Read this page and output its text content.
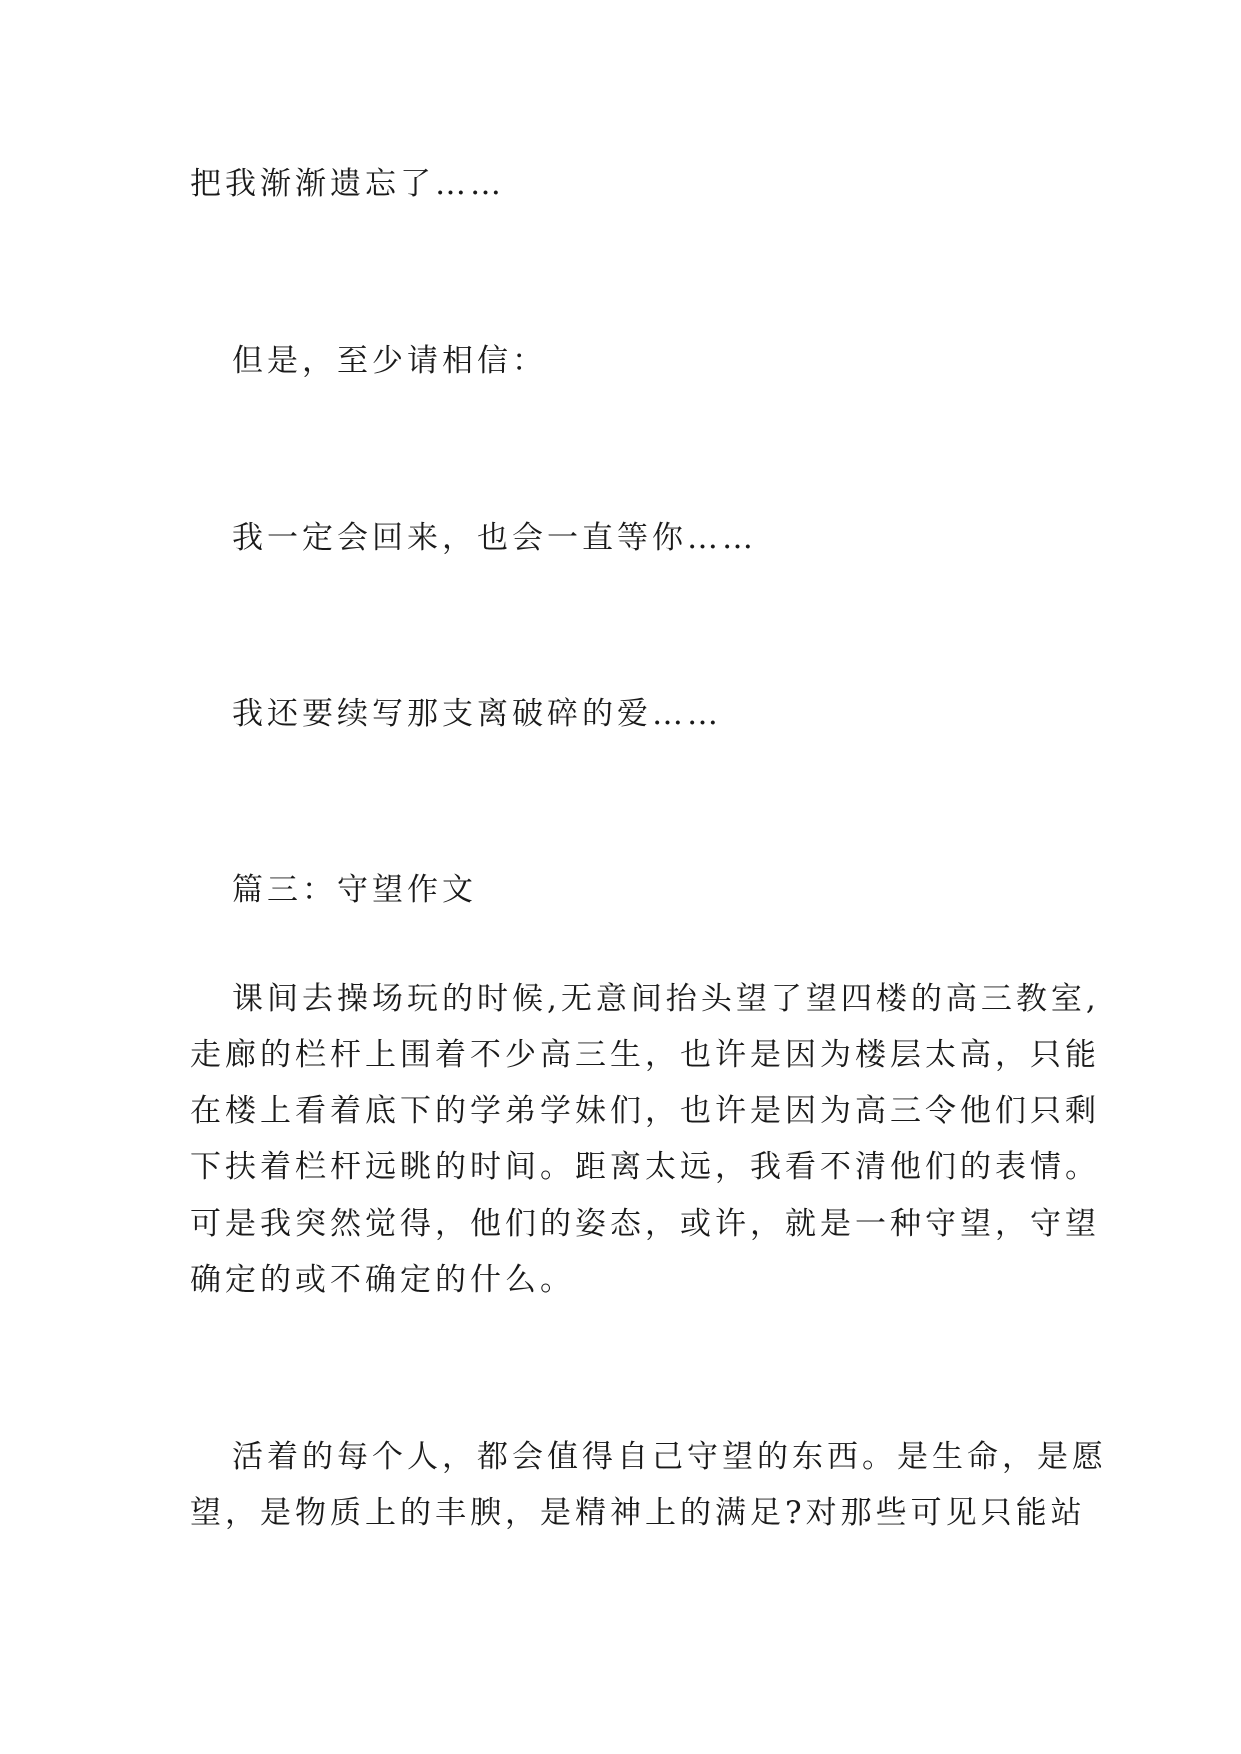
把我渐渐遗忘了……
但是，至少请相信：
我一定会回来，也会一直等你……
我还要续写那支离破碎的爱……
篇三：守望作文
课间去操场玩的时候,无意间抬头望了望四楼的高三教室,
走廊的栏杆上围着不少高三生，也许是因为楼层太高，只能
在楼上看着底下的学弟学妹们，也许是因为高三令他们只剩
下扶着栏杆远眺的时间。距离太远，我看不清他们的表情。
可是我突然觉得，他们的姿态，或许，就是一种守望，守望
确定的或不确定的什么。
活着的每个人，都会值得自己守望的东西。是生命，是愿
望，是物质上的丰腴，是精神上的满足?对那些可见只能站
